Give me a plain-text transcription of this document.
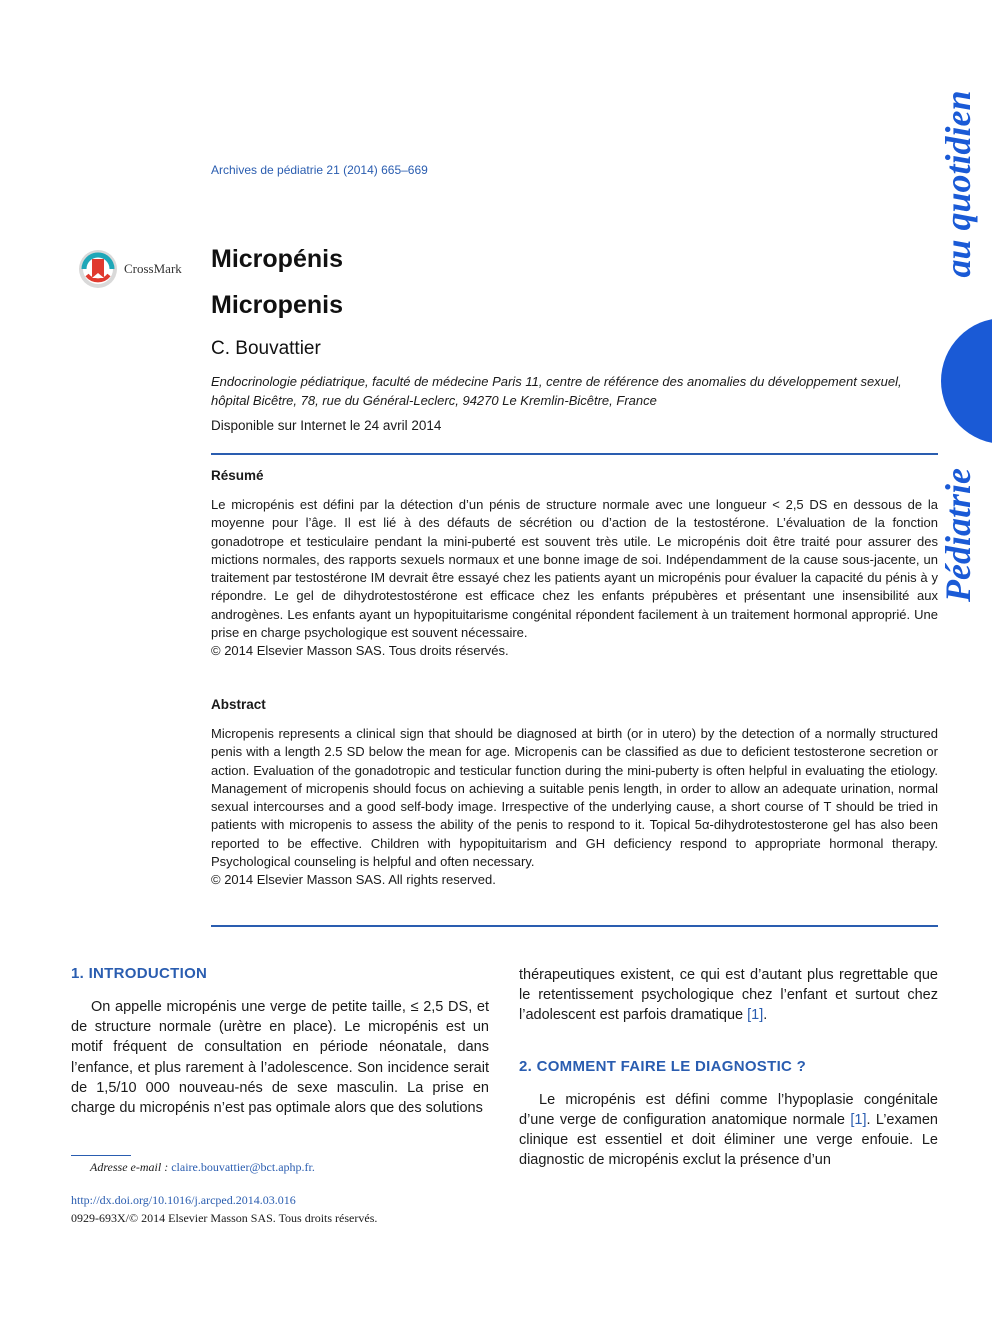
Archives de pédiatrie 21 (2014) 665–669
CrossMark	au quotidien
Pédiatrie
Micropénis
Micropenis
C. Bouvattier
Endocrinologie pédiatrique, faculté de médecine Paris 11, centre de référence des anomalies du développement sexuel,
hôpital Bicêtre, 78, rue du Général-Leclerc, 94270 Le Kremlin-Bicêtre, France
Disponible sur Internet le 24 avril 2014
Résumé
Le micropénis est défini par la détection d’un pénis de structure normale avec une longueur < 2,5 DS en dessous de la moyenne pour l’âge. Il est lié à des défauts de sécrétion ou d’action de la testostérone. L’évaluation de la fonction gonadotrope et testiculaire pendant la mini-puberté est souvent très utile. Le micropénis doit être traité pour assurer des mictions normales, des rapports sexuels normaux et une bonne image de soi. Indépendamment de la cause sous-jacente, un traitement par testostérone IM devrait être essayé chez les patients ayant un micropénis pour évaluer la capacité du pénis à y répondre. Le gel de dihydrotestostérone est efficace chez les enfants prépubères et présentant une insensibilité aux androgènes. Les enfants ayant un hypopituitarisme congénital répondent facilement à un traitement hormonal approprié. Une prise en charge psychologique est souvent nécessaire.
© 2014 Elsevier Masson SAS. Tous droits réservés.
Abstract
Micropenis represents a clinical sign that should be diagnosed at birth (or in utero) by the detection of a normally structured penis with a length 2.5 SD below the mean for age. Micropenis can be classified as due to deficient testosterone secretion or action. Evaluation of the gonadotropic and testicular function during the mini-puberty is often helpful in evaluating the etiology. Management of micropenis should focus on achieving a suitable penis length, in order to allow an adequate urination, normal sexual intercourses and a good self-body image. Irrespective of the underlying cause, a short course of T should be tried in patients with micropenis to assess the ability of the penis to respond to it. Topical 5α-dihydrotestosterone gel has also been reported to be effective. Children with hypopituitarism and GH deficiency respond to appropriate hormonal therapy. Psychological counseling is helpful and often necessary.
© 2014 Elsevier Masson SAS. All rights reserved.
1. INTRODUCTION
On appelle micropénis une verge de petite taille, ≤ 2,5 DS, et de structure normale (urètre en place). Le micropénis est un motif fréquent de consultation en période néonatale, dans l’enfance, et plus rarement à l’adolescence. Son incidence serait de 1,5/10 000 nouveau-nés de sexe masculin. La prise en charge du micropénis n’est pas optimale alors que des solutions
thérapeutiques existent, ce qui est d’autant plus regrettable que le retentissement psychologique chez l’enfant et surtout chez l’adolescent est parfois dramatique [1].
2. COMMENT FAIRE LE DIAGNOSTIC ?
Le micropénis est défini comme l’hypoplasie congénitale d’une verge de configuration anatomique normale [1]. L’examen clinique est essentiel et doit éliminer une verge enfouie. Le diagnostic de micropénis exclut la présence d’un
Adresse e-mail : claire.bouvattier@bct.aphp.fr.
http://dx.doi.org/10.1016/j.arcped.2014.03.016
0929-693X/© 2014 Elsevier Masson SAS. Tous droits réservés.
